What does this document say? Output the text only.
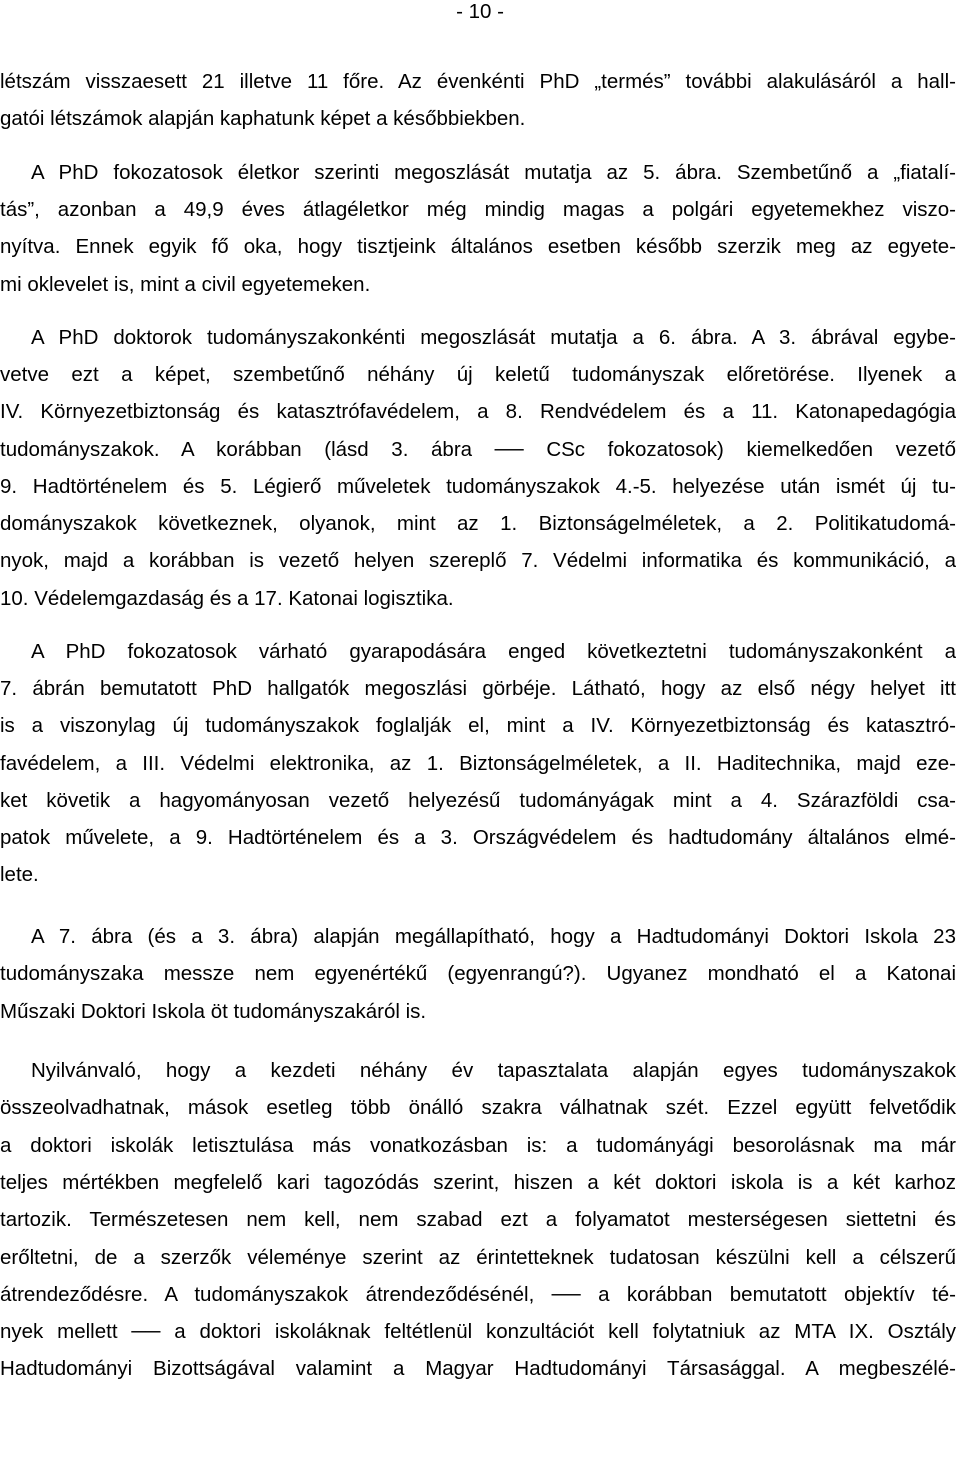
- 10 -
létszám visszaesett 21 illetve 11 főre. Az évenkénti PhD „termés” további alakulásáról a hall-
gatói létszámok alapján kaphatunk képet a későbbiekben.
A PhD fokozatosok életkor szerinti megoszlását mutatja az 5. ábra. Szembetűnő a „fiatalí-
tás”, azonban a 49,9 éves átlagéletkor még mindig magas a polgári egyetemekhez viszo-
nyítva. Ennek egyik fő oka, hogy tisztjeink általános esetben később szerzik meg az egyete-
mi oklevelet is, mint a civil egyetemeken.
A PhD doktorok tudományszakonkénti megoszlását mutatja a 6. ábra. A 3. ábrával egybe-
vetve ezt a képet, szembetűnő néhány új keletű tudományszak előretörése. Ilyenek a
IV. Környezetbiztonság és katasztrófavédelem, a 8. Rendvédelem és a 11. Katonapedagógia
tudományszakok. A korábban (lásd 3. ábra ── CSc fokozatosok) kiemelkedően vezető
9. Hadtörténelem és 5. Légierő műveletek tudományszakok 4.-5. helyezése után ismét új tu-
dományszakok következnek, olyanok, mint az 1. Biztonságelméletek, a 2. Politikatudomá-
nyok, majd a korábban is vezető helyen szereplő 7. Védelmi informatika és kommunikáció, a
10. Védelemgazdaság és a 17. Katonai logisztika.
A PhD fokozatosok várható gyarapodására enged következtetni tudományszakonként a
7. ábrán bemutatott PhD hallgatók megoszlási görbéje. Látható, hogy az első négy helyet itt
is a viszonylag új tudományszakok foglalják el, mint a IV. Környezetbiztonság és katasztró-
favédelem, a III. Védelmi elektronika, az 1. Biztonságelméletek, a II. Haditechnika, majd eze-
ket követik a hagyományosan vezető helyezésű tudományágak mint a 4. Szárazföldi csa-
patok művelete, a 9. Hadtörténelem és a 3. Országvédelem és hadtudomány általános elmé-
lete.
A 7. ábra (és a 3. ábra) alapján megállapítható, hogy a Hadtudományi Doktori Iskola 23
tudományszaka messze nem egyenértékű (egyenrangú?). Ugyanez mondható el a Katonai
Műszaki Doktori Iskola öt tudományszakáról is.
Nyilvánvaló, hogy a kezdeti néhány év tapasztalata alapján egyes tudományszakok
összeolvadhatnak, mások esetleg több önálló szakra válhatnak szét. Ezzel együtt felvetődik
a doktori iskolák letisztulása más vonatkozásban is: a tudományági besorolásnak ma már
teljes mértékben megfelelő kari tagozódás szerint, hiszen a két doktori iskola is a két karhoz
tartozik. Természetesen nem kell, nem szabad ezt a folyamatot mesterségesen siettetni és
erőltetni, de a szerzők véleménye szerint az érintetteknek tudatosan készülni kell a célszerű
átrendeződésre. A tudományszakok átrendeződésénél, ── a korábban bemutatott objektív té-
nyek mellett ── a doktori iskoláknak feltétlenül konzultációt kell folytatniuk az MTA IX. Osztály
Hadtudományi Bizottságával valamint a Magyar Hadtudományi Társasággal. A megbeszélé-
